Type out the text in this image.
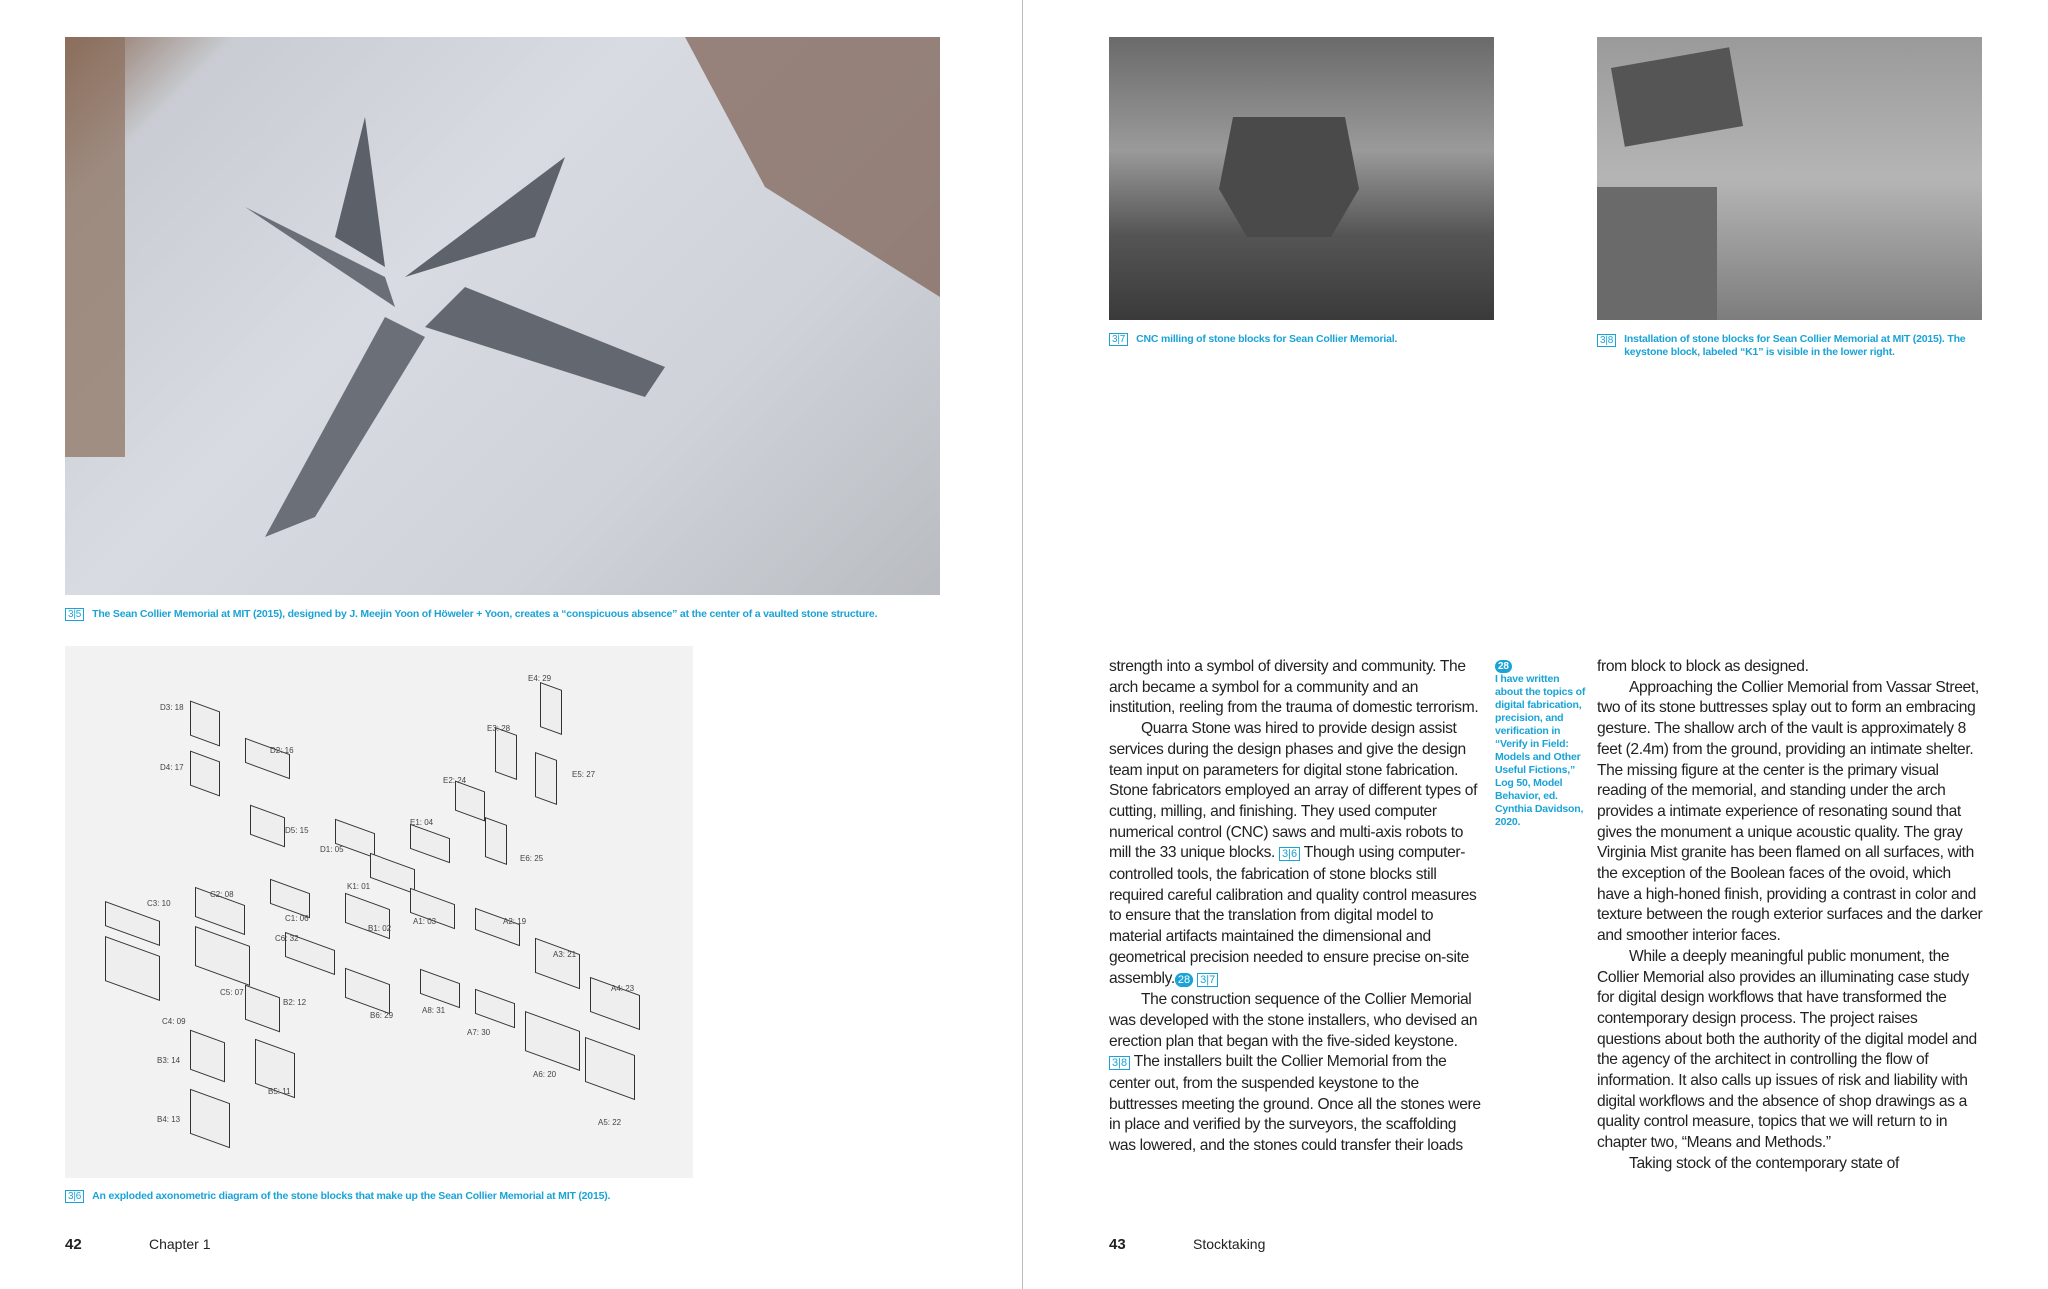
3|5 The Sean Collier Memorial at MIT (2015), designed by J. Meejin Yoon of Höweler + Yoon, creates a “conspicuous absence” at the center of a vaulted stone structure.
D3: 18
D2: 16
D4: 17
D5: 15
D1: 05
E4: 29
E3: 28
E5: 27
E2: 24
E1: 04
E6: 25
C3: 10
C2: 08
C1: 06
K1: 01
B1: 02
A1: 03	A2: 19
A3: 21
A4: 23
C6: 32
C5: 07
C4: 09
B2: 12
B6: 29
A8: 31
A7: 30
B3: 14
B5: 11
B4: 13
A6: 20
A5: 22
3|6 An exploded axonometric diagram of the stone blocks that make up the Sean Collier Memorial at MIT (2015).
42	Chapter 1
3|7 CNC milling of stone blocks for Sean Collier Memorial.	3|8 Installation of stone blocks for Sean Collier Memorial at MIT (2015). The keystone block, labeled “K1” is visible in the lower right.

strength into a symbol of diversity and community. The arch became a symbol for a community and an institution, reeling from the trauma of domestic terrorism.

Quarra Stone was hired to provide design assist services during the design phases and give the design team input on parameters for digital stone fabrication. Stone fabricators employed an array of different types of cutting, milling, and finishing. They used computer numerical control (CNC) saws and multi-axis robots to mill the 33 unique blocks. 3|6 Though using computer-controlled tools, the fabrication of stone blocks still required careful calibration and quality control measures to ensure that the translation from digital model to material artifacts maintained the dimensional and geometrical precision needed to ensure precise on-site assembly. 28 3|7

The construction sequence of the Collier Memorial was developed with the stone installers, who devised an erection plan that began with the five-sided keystone. 3|8 The installers built the Collier Memorial from the center out, from the suspended keystone to the buttresses meeting the ground. Once all the stones were in place and verified by the surveyors, the scaffolding was lowered, and the stones could transfer their loads

28
I have written about the topics of digital fabrication, precision, and verification in “Verify in Field: Models and Other Useful Fictions,” Log 50, Model Behavior, ed. Cynthia Davidson, 2020.

from block to block as designed.

Approaching the Collier Memorial from Vassar Street, two of its stone buttresses splay out to form an embracing gesture. The shallow arch of the vault is approximately 8 feet (2.4m) from the ground, providing an intimate shelter. The missing figure at the center is the primary visual reading of the memorial, and standing under the arch provides a intimate experience of resonating sound that gives the monument a unique acoustic quality. The gray Virginia Mist granite has been flamed on all surfaces, with the exception of the Boolean faces of the ovoid, which have a high-honed finish, providing a contrast in color and texture between the rough exterior surfaces and the darker and smoother interior faces.

While a deeply meaningful public monument, the Collier Memorial also provides an illuminating case study for digital design workflows that have transformed the contemporary design process. The project raises questions about both the authority of the digital model and the agency of the architect in controlling the flow of information. It also calls up issues of risk and liability with digital workflows and the absence of shop drawings as a quality control measure, topics that we will return to in chapter two, “Means and Methods.”

Taking stock of the contemporary state of

43	Stocktaking
